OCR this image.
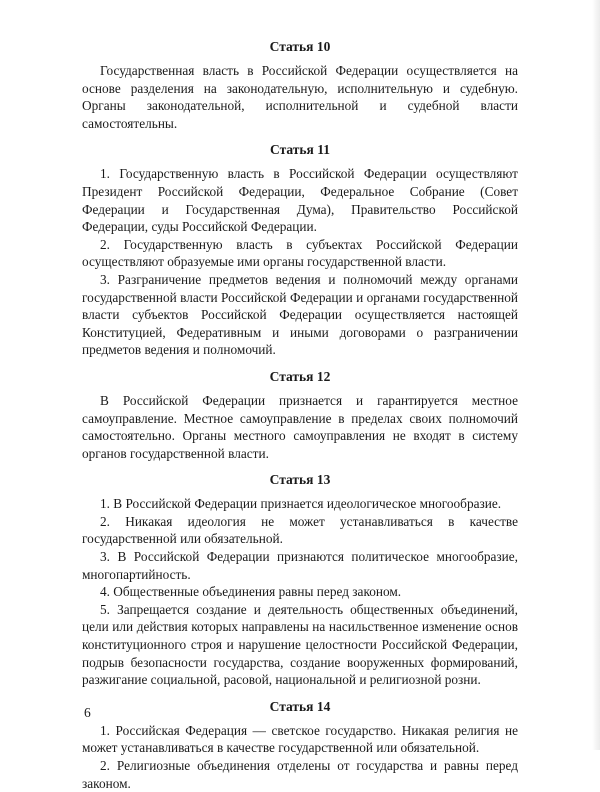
Статья 10

Государственная власть в Российской Федерации осуществляется на основе разделения на законодательную, исполнительную и судебную. Органы законодательной, исполнительной и судебной власти самостоятельны.

Статья 11

1. Государственную власть в Российской Федерации осуществляют Президент Российской Федерации, Федеральное Собрание (Совет Федерации и Государственная Дума), Правительство Российской Федерации, суды Российской Федерации.

2. Государственную власть в субъектах Российской Федерации осуществляют образуемые ими органы государственной власти.

3. Разграничение предметов ведения и полномочий между органами государственной власти Российской Федерации и органами государственной власти субъектов Российской Федерации осуществляется настоящей Конституцией, Федеративным и иными договорами о разграничении предметов ведения и полномочий.

Статья 12

В Российской Федерации признается и гарантируется местное самоуправление. Местное самоуправление в пределах своих полномочий самостоятельно. Органы местного самоуправления не входят в систему органов государственной власти.

Статья 13

1. В Российской Федерации признается идеологическое многообразие.

2. Никакая идеология не может устанавливаться в качестве государственной или обязательной.

3. В Российской Федерации признаются политическое многообразие, многопартийность.

4. Общественные объединения равны перед законом.

5. Запрещается создание и деятельность общественных объединений, цели или действия которых направлены на насильственное изменение основ конституционного строя и нарушение целостности Российской Федерации, подрыв безопасности государства, создание вооруженных формирований, разжигание социальной, расовой, национальной и религиозной розни.

Статья 14

1. Российская Федерация — светское государство. Никакая религия не может устанавливаться в качестве государственной или обязательной.

2. Религиозные объединения отделены от государства и равны перед законом.

6
